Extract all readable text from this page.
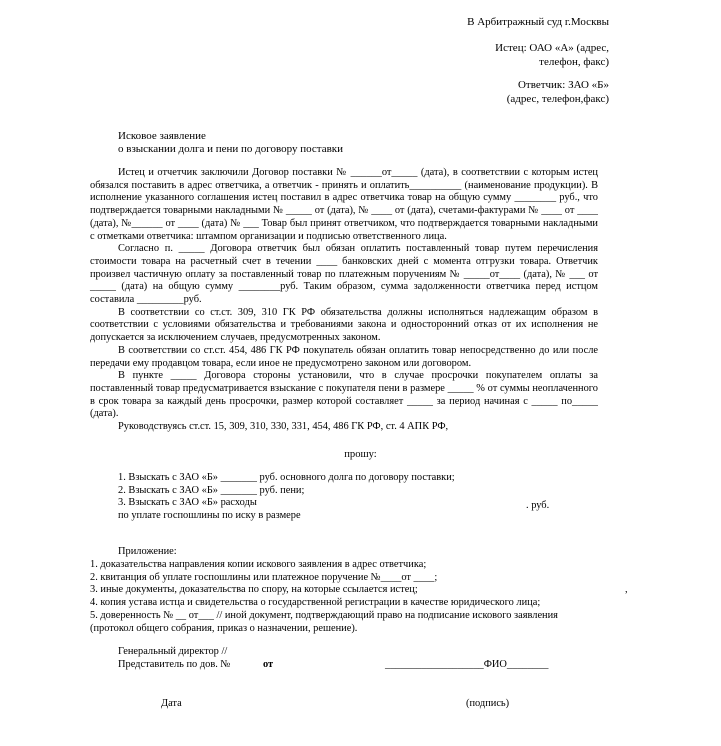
В Арбитражный суд г.Москвы
Истец: ОАО «А» (адрес,
телефон, факс)
Ответчик: ЗАО «Б»
(адрес, телефон,факс)
Исковое заявление
о взыскании долга и пени по договору поставки

Истец и отчетчик заключили Договор поставки № ______от_____ (дата), в соответствии с которым истец обязался поставить в адрес ответчика, а ответчик - принять и оплатить__________ (наименование продукции). В исполнение указанного соглашения истец поставил в адрес ответчика товар на общую сумму ________ руб., что подтверждается товарными накладными № _____ от (дата), № ____ от (дата), счетами-фактурами № ____ от ____ (дата), №______ от ____ (дата) № ___ Товар был принят ответчиком, что подтверждается товарными накладными с отметками ответчика: штампом организации и подписью ответственного лица.

Согласно п. _____ Договора ответчик был обязан оплатить поставленный товар путем перечисления стоимости товара на расчетный счет в течении ____ банковских дней с момента отгрузки товара. Ответчик произвел частичную оплату за поставленный товар по платежным поручениям № _____от____ (дата), № ___ от _____ (дата) на общую сумму ________руб. Таким образом, сумма задолженности ответчика перед истцом составила _________руб.

В соответствии со ст.ст. 309, 310 ГК РФ обязательства должны исполняться надлежащим образом в соответствии с условиями обязательства и требованиями закона и односторонний отказ от их исполнения не допускается за исключением случаев, предусмотренных законом.

В соответствии со ст.ст. 454, 486 ГК РФ покупатель обязан оплатить товар непосредственно до или после передачи ему продавцом товара, если иное не предусмотрено законом или договором.

В пункте _____ Договора стороны установили, что в случае просрочки покупателем оплаты за поставленный товар предусматривается взыскание с покупателя пени в размере _____ % от суммы неоплаченного в срок товара за каждый день просрочки, размер которой составляет _____ за период начиная с _____ по_____ (дата).

Руководствуясь ст.ст. 15, 309, 310, 330, 331, 454, 486 ГК РФ, ст. 4 АПК РФ,

прошу:
1. Взыскать с ЗАО «Б» _______ руб. основного долга по договору поставки;
2. Взыскать с ЗАО «Б» _______ руб. пени;
3. Взыскать с ЗАО «Б» расходы
по уплате госпошлины по иску в размере
. руб.
Приложение:
1. доказательства направления копии искового заявления в адрес ответчика;
2. квитанция об уплате госпошлины или платежное поручение №____от ____;
3. иные документы, доказательства по спору, на которые ссылается истец;
4. копия устава истца и свидетельства о государственной регистрации в качестве юридического лица;
5. доверенность № __ от___ // иной документ, подтверждающий право на подписание искового заявления (протокол общего собрания, приказ о назначении, решение).
,
Генеральный директор //
Представитель по дов. №	от	___________________ФИО________
Дата	(подпись)
